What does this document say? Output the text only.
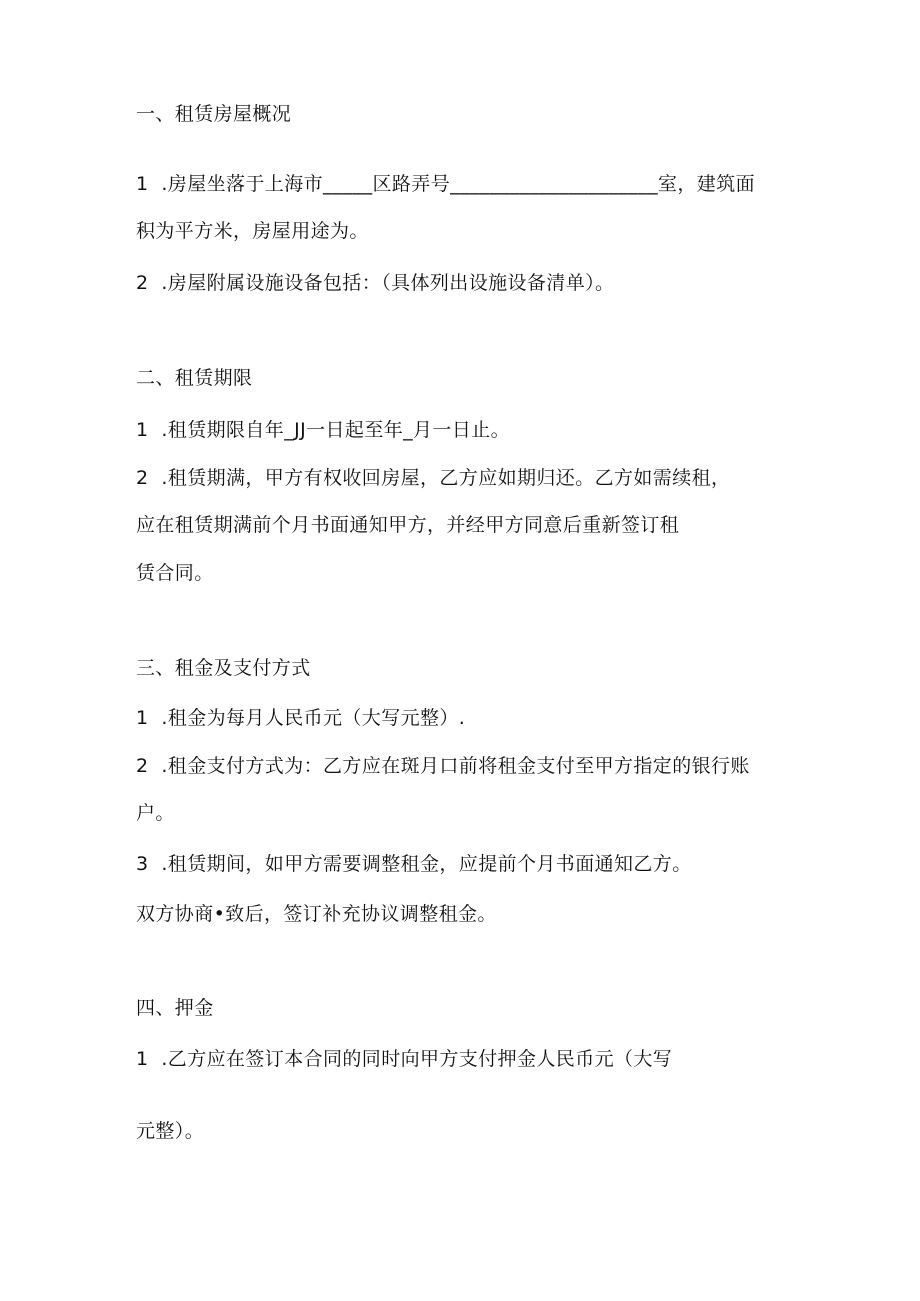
一、租赁房屋概况
1  .房屋坐落于上海市_____区路弄号_____________________室，建筑面
积为平方米，房屋用途为。
2  .房屋附属设施设备包括：（具体列出设施设备清单）。
二、租赁期限
1  .租赁期限自年_JJ一日起至年_月一日止。
2  .租赁期满，甲方有权收回房屋，乙方应如期归还。乙方如需续租，
应在租赁期满前个月书面通知甲方，并经甲方同意后重新签订租
赁合同。
三、租金及支付方式
1  .租金为每月人民币元（大写元整）.
2  .租金支付方式为：乙方应在斑月口前将租金支付至甲方指定的银行账
户。
3  .租赁期间，如甲方需要调整租金，应提前个月书面通知乙方。
双方协商•致后，签订补充协议调整租金。
四、押金
1  .乙方应在签订本合同的同时向甲方支付押金人民币元（大写
元整）。
